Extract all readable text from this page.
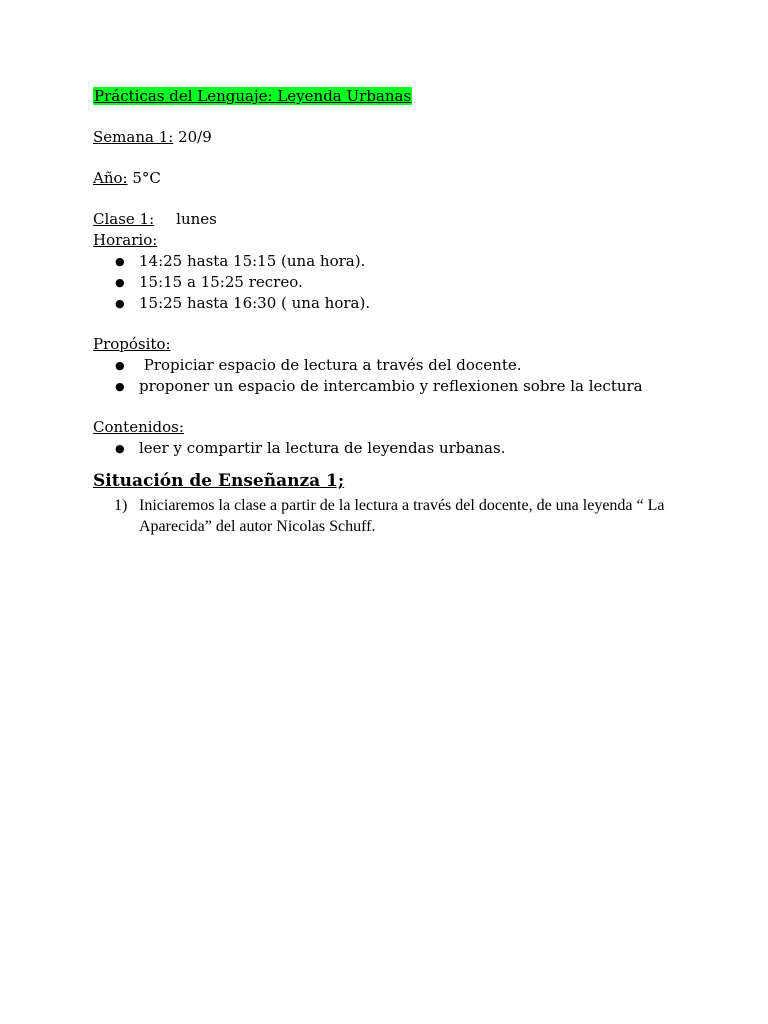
Prácticas del Lenguaje: Leyenda Urbanas
Semana 1: 20/9
Año: 5°C
Clase 1: lunes
Horario:
● 14:25 hasta 15:15 (una hora).
● 15:15 a 15:25 recreo.
● 15:25 hasta 16:30 ( una hora).
Propósito:
● Propiciar espacio de lectura a través del docente.
● proponer un espacio de intercambio y reflexionen sobre la lectura
Contenidos:
● leer y compartir la lectura de leyendas urbanas.
Situación de Enseñanza 1;
1) Iniciaremos la clase a partir de la lectura a través del docente, de una leyenda “ La Aparecida” del autor Nicolas Schuff.
